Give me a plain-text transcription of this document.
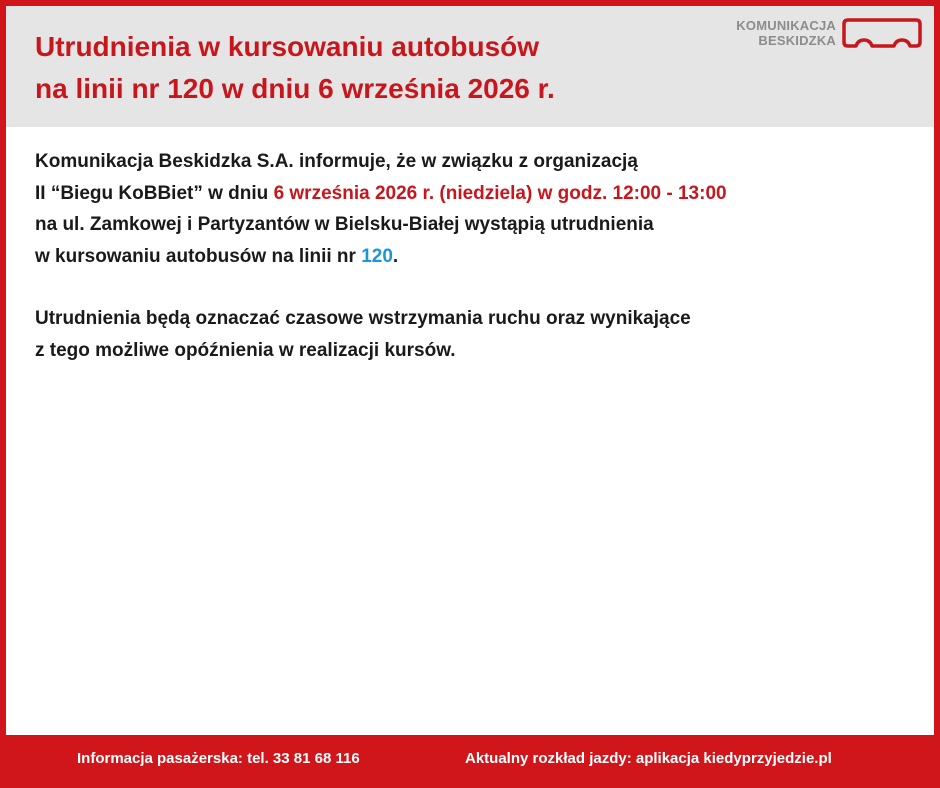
Utrudnienia w kursowaniu autobusów
na linii nr 120 w dniu 6 września 2026 r.
KOMUNIKACJA
BESKIDZKA

Komunikacja Beskidzka S.A. informuje, że w związku z organizacją
II “Biegu KoBBiet” w dniu 6 września 2026 r. (niedziela) w godz. 12:00 - 13:00
na ul. Zamkowej i Partyzantów w Bielsku-Białej wystąpią utrudnienia
w kursowaniu autobusów na linii nr 120.

Utrudnienia będą oznaczać czasowe wstrzymania ruchu oraz wynikające
z tego możliwe opóźnienia w realizacji kursów.

Informacja pasażerska: tel. 33 81 68 116	Aktualny rozkład jazdy: aplikacja kiedyprzyjedzie.pl
